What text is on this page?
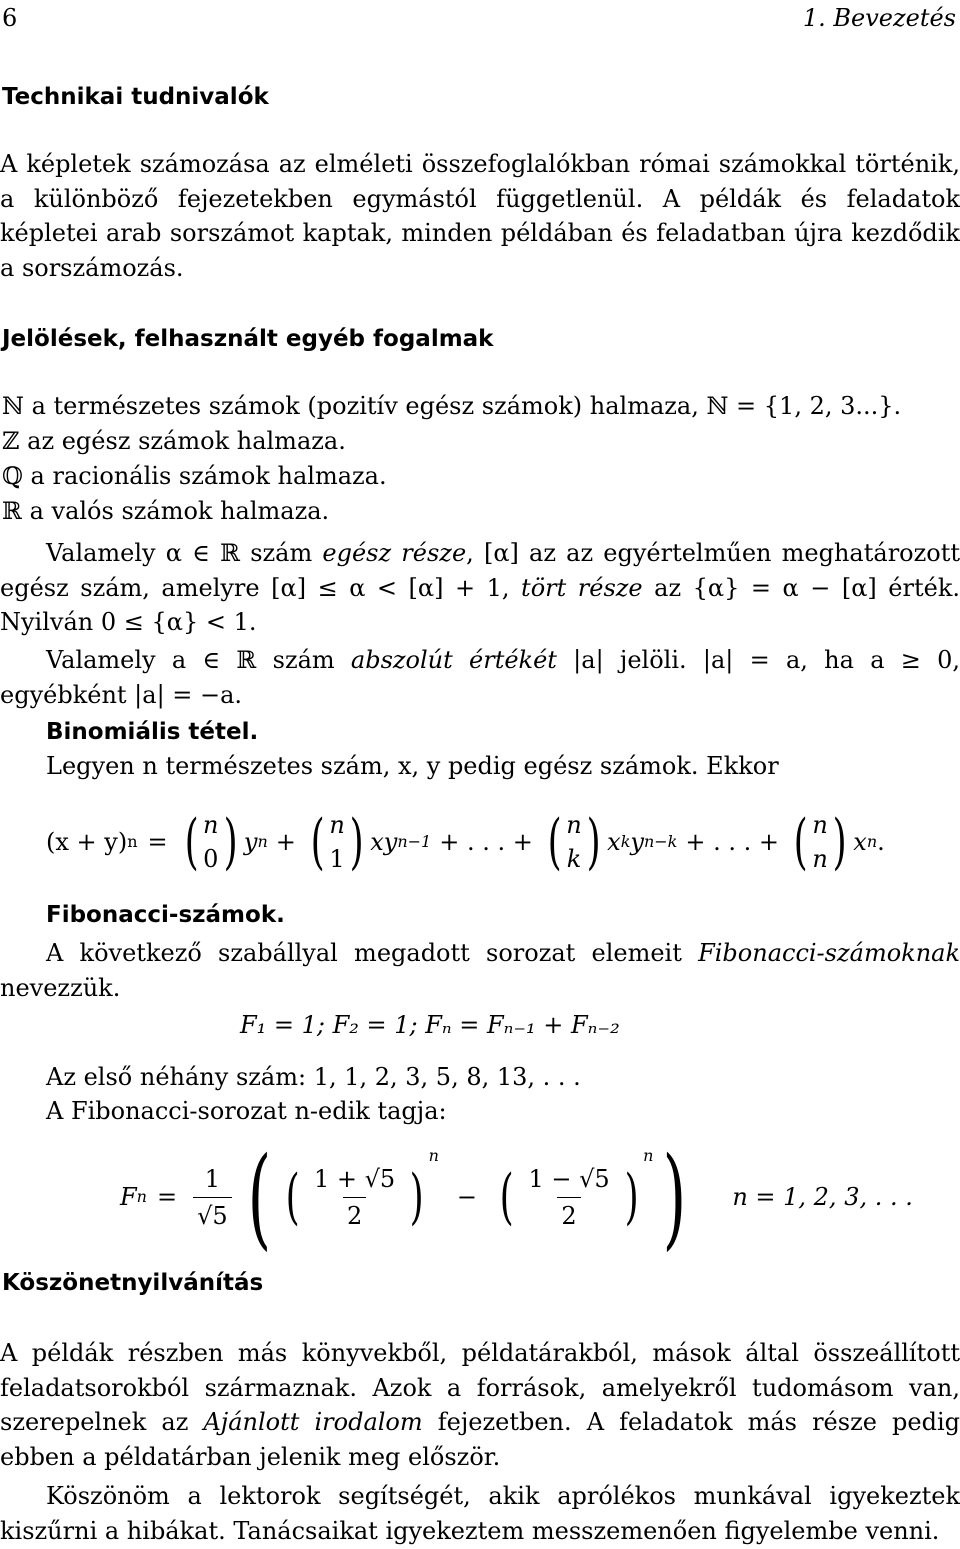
6	1. Bevezetés
Technikai tudnivalók

A képletek számozása az elméleti összefoglalókban római számokkal történik, a különböző fejezetekben egymástól függetlenül. A példák és feladatok képletei arab sorszámot kaptak, minden példában és feladatban újra kezdődik a sorszámozás.

Jelölések, felhasznált egyéb fogalmak
ℕ a természetes számok (pozitív egész számok) halmaza, ℕ = {1, 2, 3...}.
ℤ az egész számok halmaza.
ℚ a racionális számok halmaza.
ℝ a valós számok halmaza.

Valamely α ∈ ℝ szám egész része, [α] az az egyértelműen meghatározott egész szám, amelyre [α] ≤ α < [α] + 1, tört része az {α} = α − [α] érték. Nyilván 0 ≤ {α} < 1.

Valamely a ∈ ℝ szám abszolút értékét |a| jelöli. |a| = a, ha a ≥ 0, egyébként |a| = −a.

Binomiális tétel.
Legyen n természetes szám, x, y pedig egész számok. Ekkor
(x + y) n = ( n
0 ) y n + ( n
1 ) xy n−1 + . . . + ( n
k ) x k y n−k + . . . + ( n
n ) x n .
Fibonacci-számok.

A következő szabállyal megadott sorozat elemeit Fibonacci-számoknak nevezzük.

F₁ = 1; F₂ = 1; Fₙ = Fₙ₋₁ + Fₙ₋₂
Az első néhány szám: 1, 1, 2, 3, 5, 8, 13, . . .
A Fibonacci-sorozat n-edik tagja:
F $n = \frac{1}{√5}$ ( ( $\frac{1 + √5}{2}$ )
n
− ( $\frac{1 - √5}{2}$ )
n ) n = 1, 2, 3, . . .
Köszönetnyilvánítás

A példák részben más könyvekből, példatárakból, mások által összeállított feladatsorokból származnak. Azok a források, amelyekről tudomásom van, szerepelnek az Ajánlott irodalom fejezetben. A feladatok más része pedig ebben a példatárban jelenik meg először.

Köszönöm a lektorok segítségét, akik aprólékos munkával igyekeztek kiszűrni a hibákat. Tanácsaikat igyekeztem messzemenően figyelembe venni.
